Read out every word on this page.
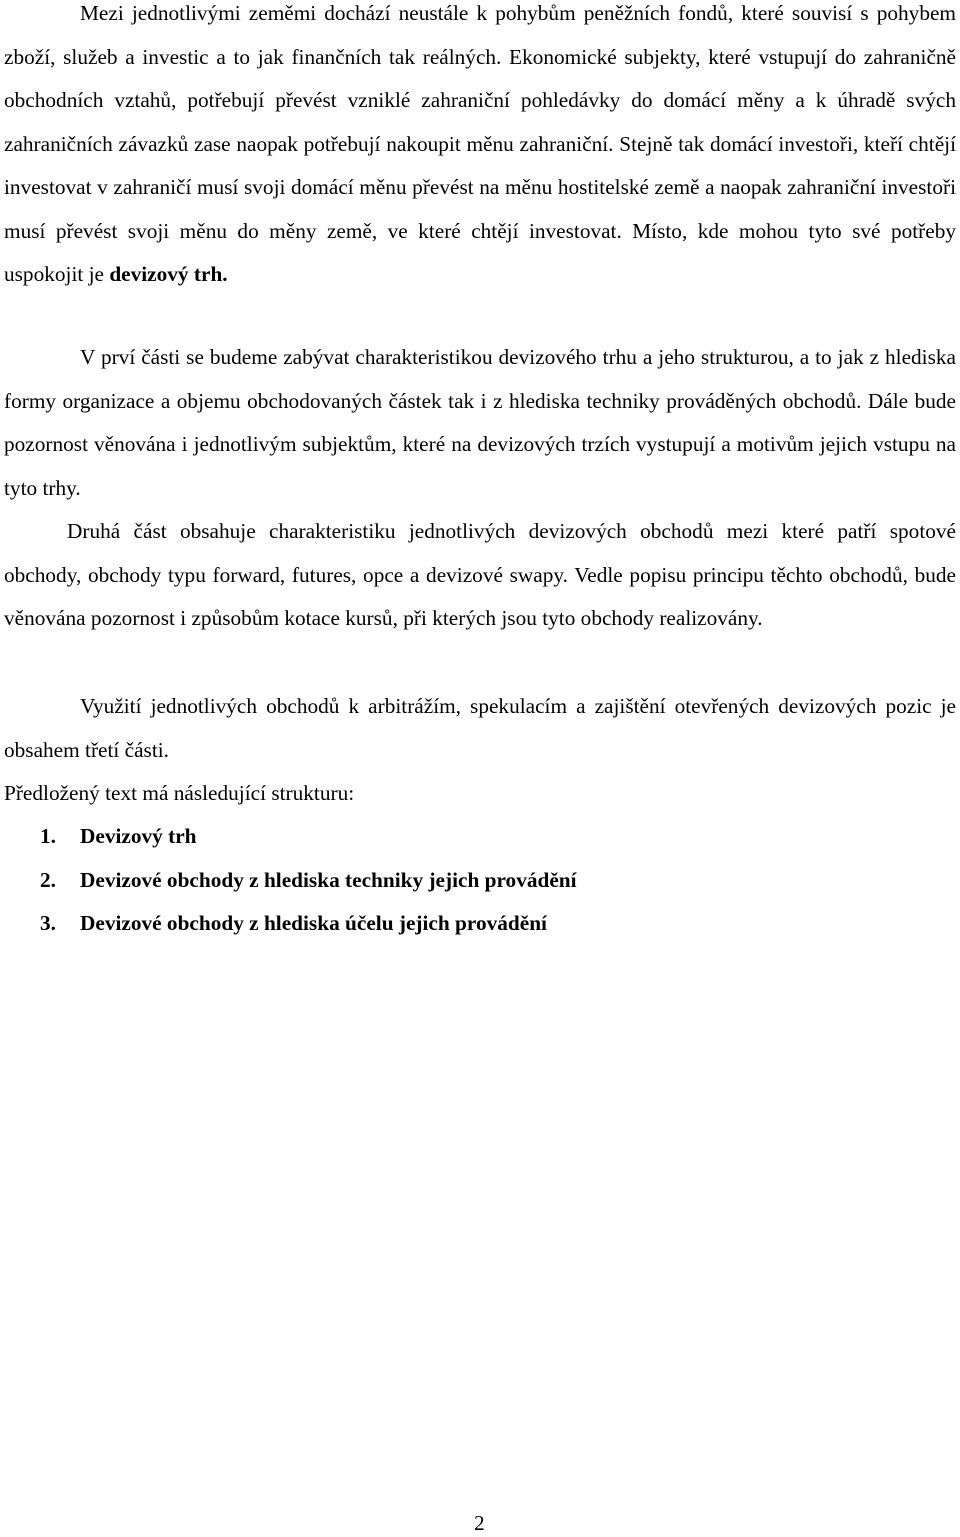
Mezi jednotlivými zeměmi dochází neustále k pohybům peněžních fondů, které souvisí s pohybem zboží, služeb a investic a to jak finančních tak reálných. Ekonomické subjekty, které vstupují do zahraničně obchodních vztahů, potřebují převést vzniklé zahraniční pohledávky do domácí měny a k úhradě svých zahraničních závazků zase naopak potřebují nakoupit měnu zahraniční. Stejně tak domácí investoři, kteří chtějí investovat v zahraničí musí svoji domácí měnu převést na měnu hostitelské země a naopak zahraniční investoři musí převést svoji měnu do měny země, ve které chtějí investovat. Místo, kde mohou tyto své potřeby uspokojit je devizový trh.

V prví části se budeme zabývat charakteristikou devizového trhu a jeho strukturou, a to jak z hlediska formy organizace a objemu obchodovaných částek tak i z hlediska techniky prováděných obchodů. Dále bude pozornost věnována i jednotlivým subjektům, které na devizových trzích vystupují a motivům jejich vstupu na tyto trhy.

Druhá část obsahuje charakteristiku jednotlivých devizových obchodů mezi které patří spotové obchody, obchody typu forward, futures, opce a devizové swapy. Vedle popisu principu těchto obchodů, bude věnována pozornost i způsobům kotace kursů, při kterých jsou tyto obchody realizovány.

Využití jednotlivých obchodů k arbitrážím, spekulacím a zajištění otevřených devizových pozic je obsahem třetí části.

Předložený text má následující strukturu:

1. Devizový trh
2. Devizové obchody z hlediska techniky jejich provádění
3. Devizové obchody z hlediska účelu jejich provádění
2
